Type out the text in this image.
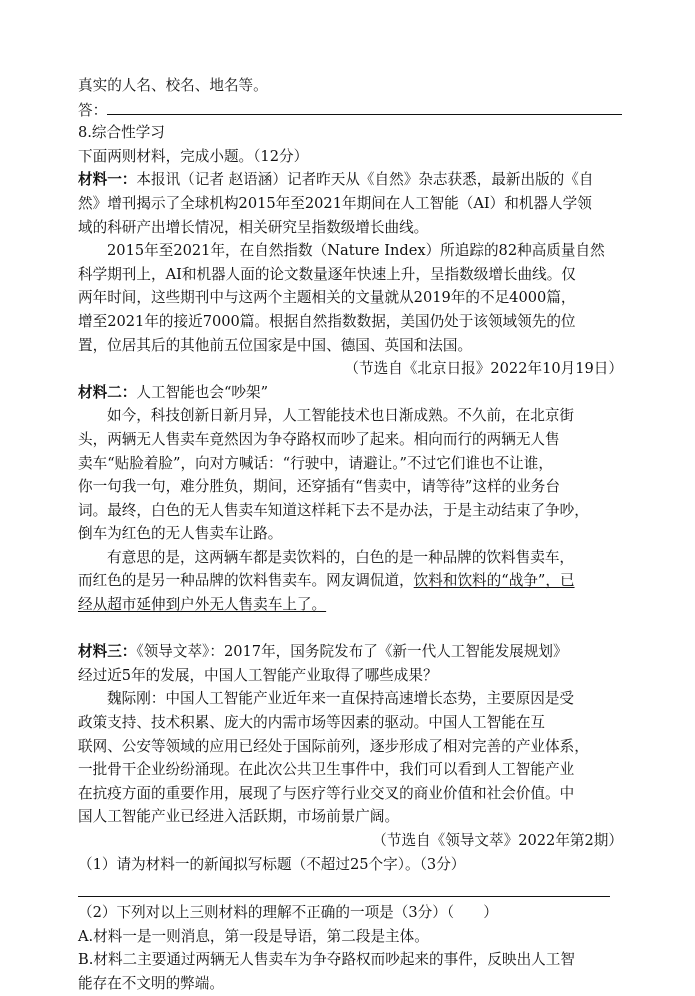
真实的人名、校名、地名等。
答：
8.综合性学习
下面两则材料，完成小题。（12分）
材料一：本报讯（记者 赵语涵）记者昨天从《自然》杂志获悉，最新出版的《自
然》增刊揭示了全球机构2015年至2021年期间在人工智能（AI）和机器人学领
域的科研产出增长情况，相关研究呈指数级增长曲线。
2015年至2021年，在自然指数（Nature Index）所追踪的82种高质量自然
科学期刊上，AI和机器人面的论文数量逐年快速上升，呈指数级增长曲线。仅
两年时间，这些期刊中与这两个主题相关的文量就从2019年的不足4000篇，
增至2021年的接近7000篇。根据自然指数数据，美国仍处于该领域领先的位
置，位居其后的其他前五位国家是中国、德国、英国和法国。
（节选自《北京日报》2022年10月19日）
材料二：人工智能也会“吵架”
如今，科技创新日新月异，人工智能技术也日渐成熟。不久前，在北京街
头，两辆无人售卖车竟然因为争夺路权而吵了起来。相向而行的两辆无人售
卖车“贴脸着脸”，向对方喊话：“行驶中，请避让。”不过它们谁也不让谁，
你一句我一句，难分胜负，期间，还穿插有“售卖中，请等待”这样的业务台
词。最终，白色的无人售卖车知道这样耗下去不是办法，于是主动结束了争吵，
倒车为红色的无人售卖车让路。
有意思的是，这两辆车都是卖饮料的，白色的是一种品牌的饮料售卖车，
而红色的是另一种品牌的饮料售卖车。网友调侃道，饮料和饮料的“战争”，已
经从超市延伸到户外无人售卖车上了。
材料三：《领导文萃》：2017年，国务院发布了《新一代人工智能发展规划》
经过近5年的发展，中国人工智能产业取得了哪些成果？
魏际刚：中国人工智能产业近年来一直保持高速增长态势，主要原因是受
政策支持、技术积累、庞大的内需市场等因素的驱动。中国人工智能在互
联网、公安等领域的应用已经处于国际前列，逐步形成了相对完善的产业体系，
一批骨干企业纷纷涌现。在此次公共卫生事件中，我们可以看到人工智能产业
在抗疫方面的重要作用，展现了与医疗等行业交叉的商业价值和社会价值。中
国人工智能产业已经进入活跃期，市场前景广阔。
（节选自《领导文萃》2022年第2期）
（1）请为材料一的新闻拟写标题（不超过25个字）。（3分）
（2）下列对以上三则材料的理解不正确的一项是（3分）（　　）
A.材料一是一则消息，第一段是导语，第二段是主体。
B.材料二主要通过两辆无人售卖车为争夺路权而吵起来的事件，反映出人工智
能存在不文明的弊端。
